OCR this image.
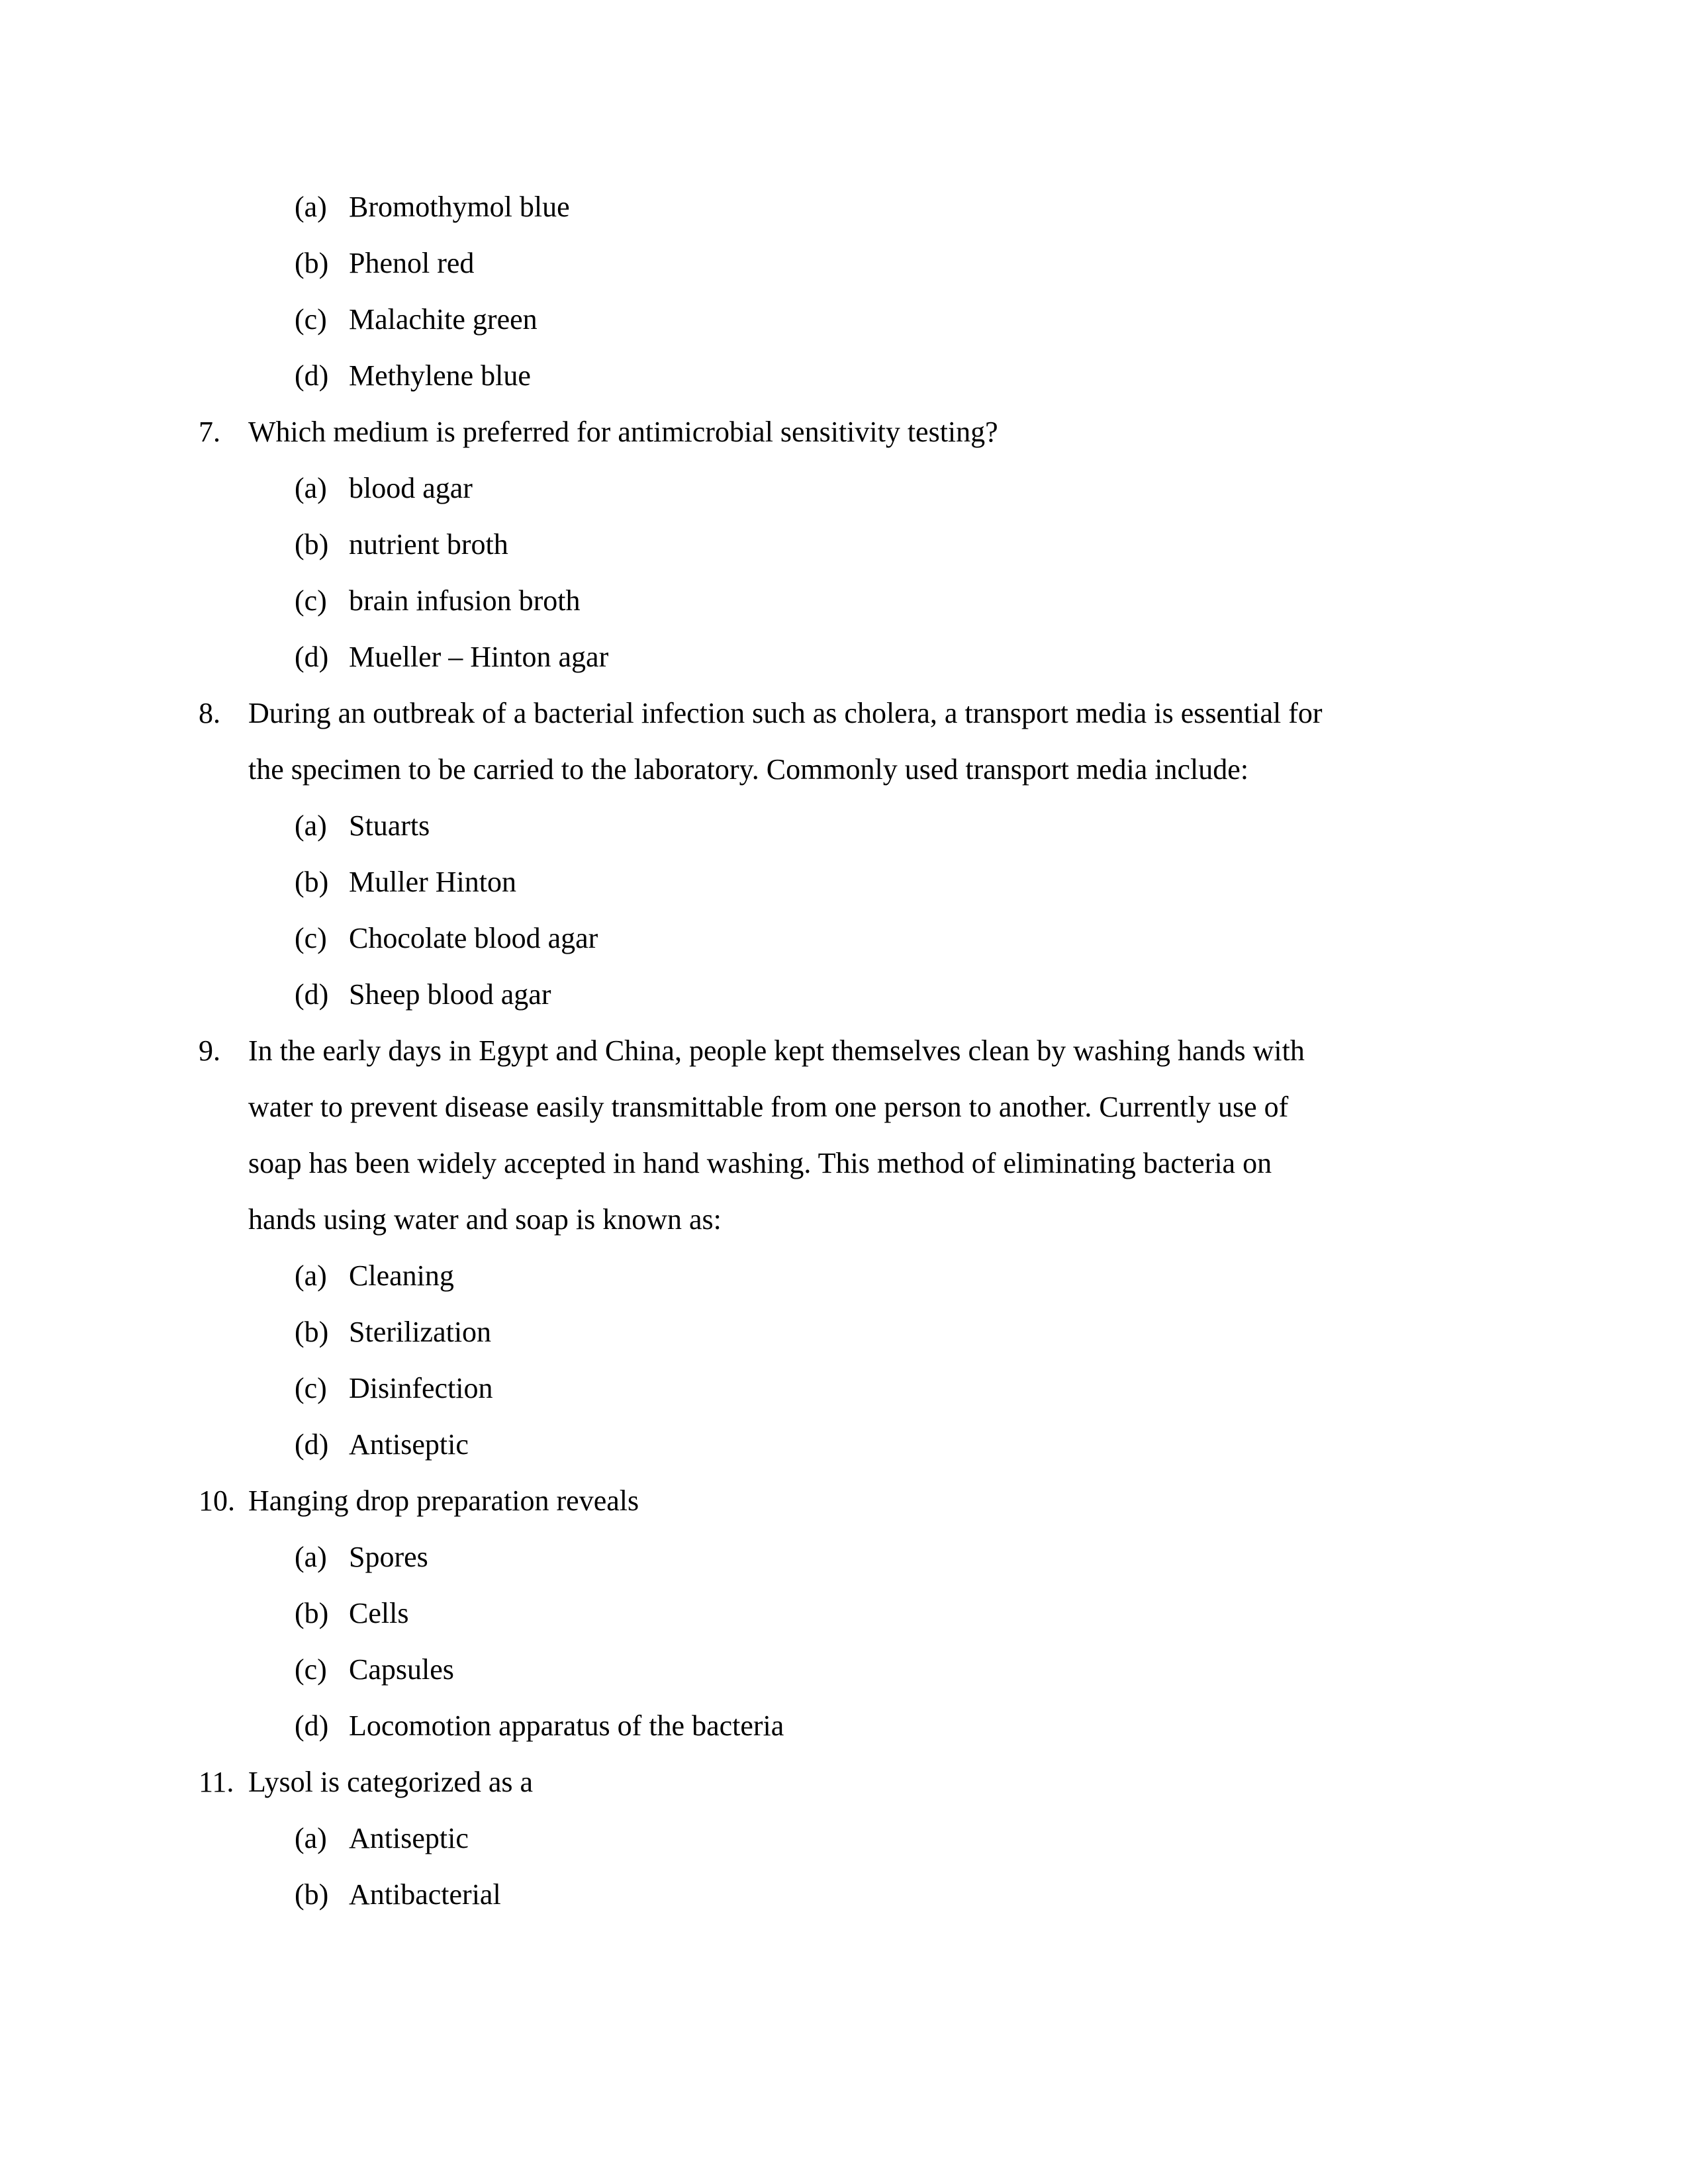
(a) Bromothymol blue
(b) Phenol red
(c) Malachite green
(d) Methylene blue
7. Which medium is preferred for antimicrobial sensitivity testing?
(a) blood agar
(b) nutrient broth
(c) brain infusion broth
(d) Mueller – Hinton agar
8. During an outbreak of a bacterial infection such as cholera, a transport media is essential for
the specimen to be carried to the laboratory. Commonly used transport media include:
(a) Stuarts
(b) Muller Hinton
(c) Chocolate blood agar
(d) Sheep blood agar
9. In the early days in Egypt and China, people kept themselves clean by washing hands with
water to prevent disease easily transmittable from one person to another. Currently use of
soap has been widely accepted in hand washing. This method of eliminating bacteria on
hands using water and soap is known as:
(a) Cleaning
(b) Sterilization
(c) Disinfection
(d) Antiseptic
10. Hanging drop preparation reveals
(a) Spores
(b) Cells
(c) Capsules
(d) Locomotion apparatus of the bacteria
11. Lysol is categorized as a
(a) Antiseptic
(b) Antibacterial
